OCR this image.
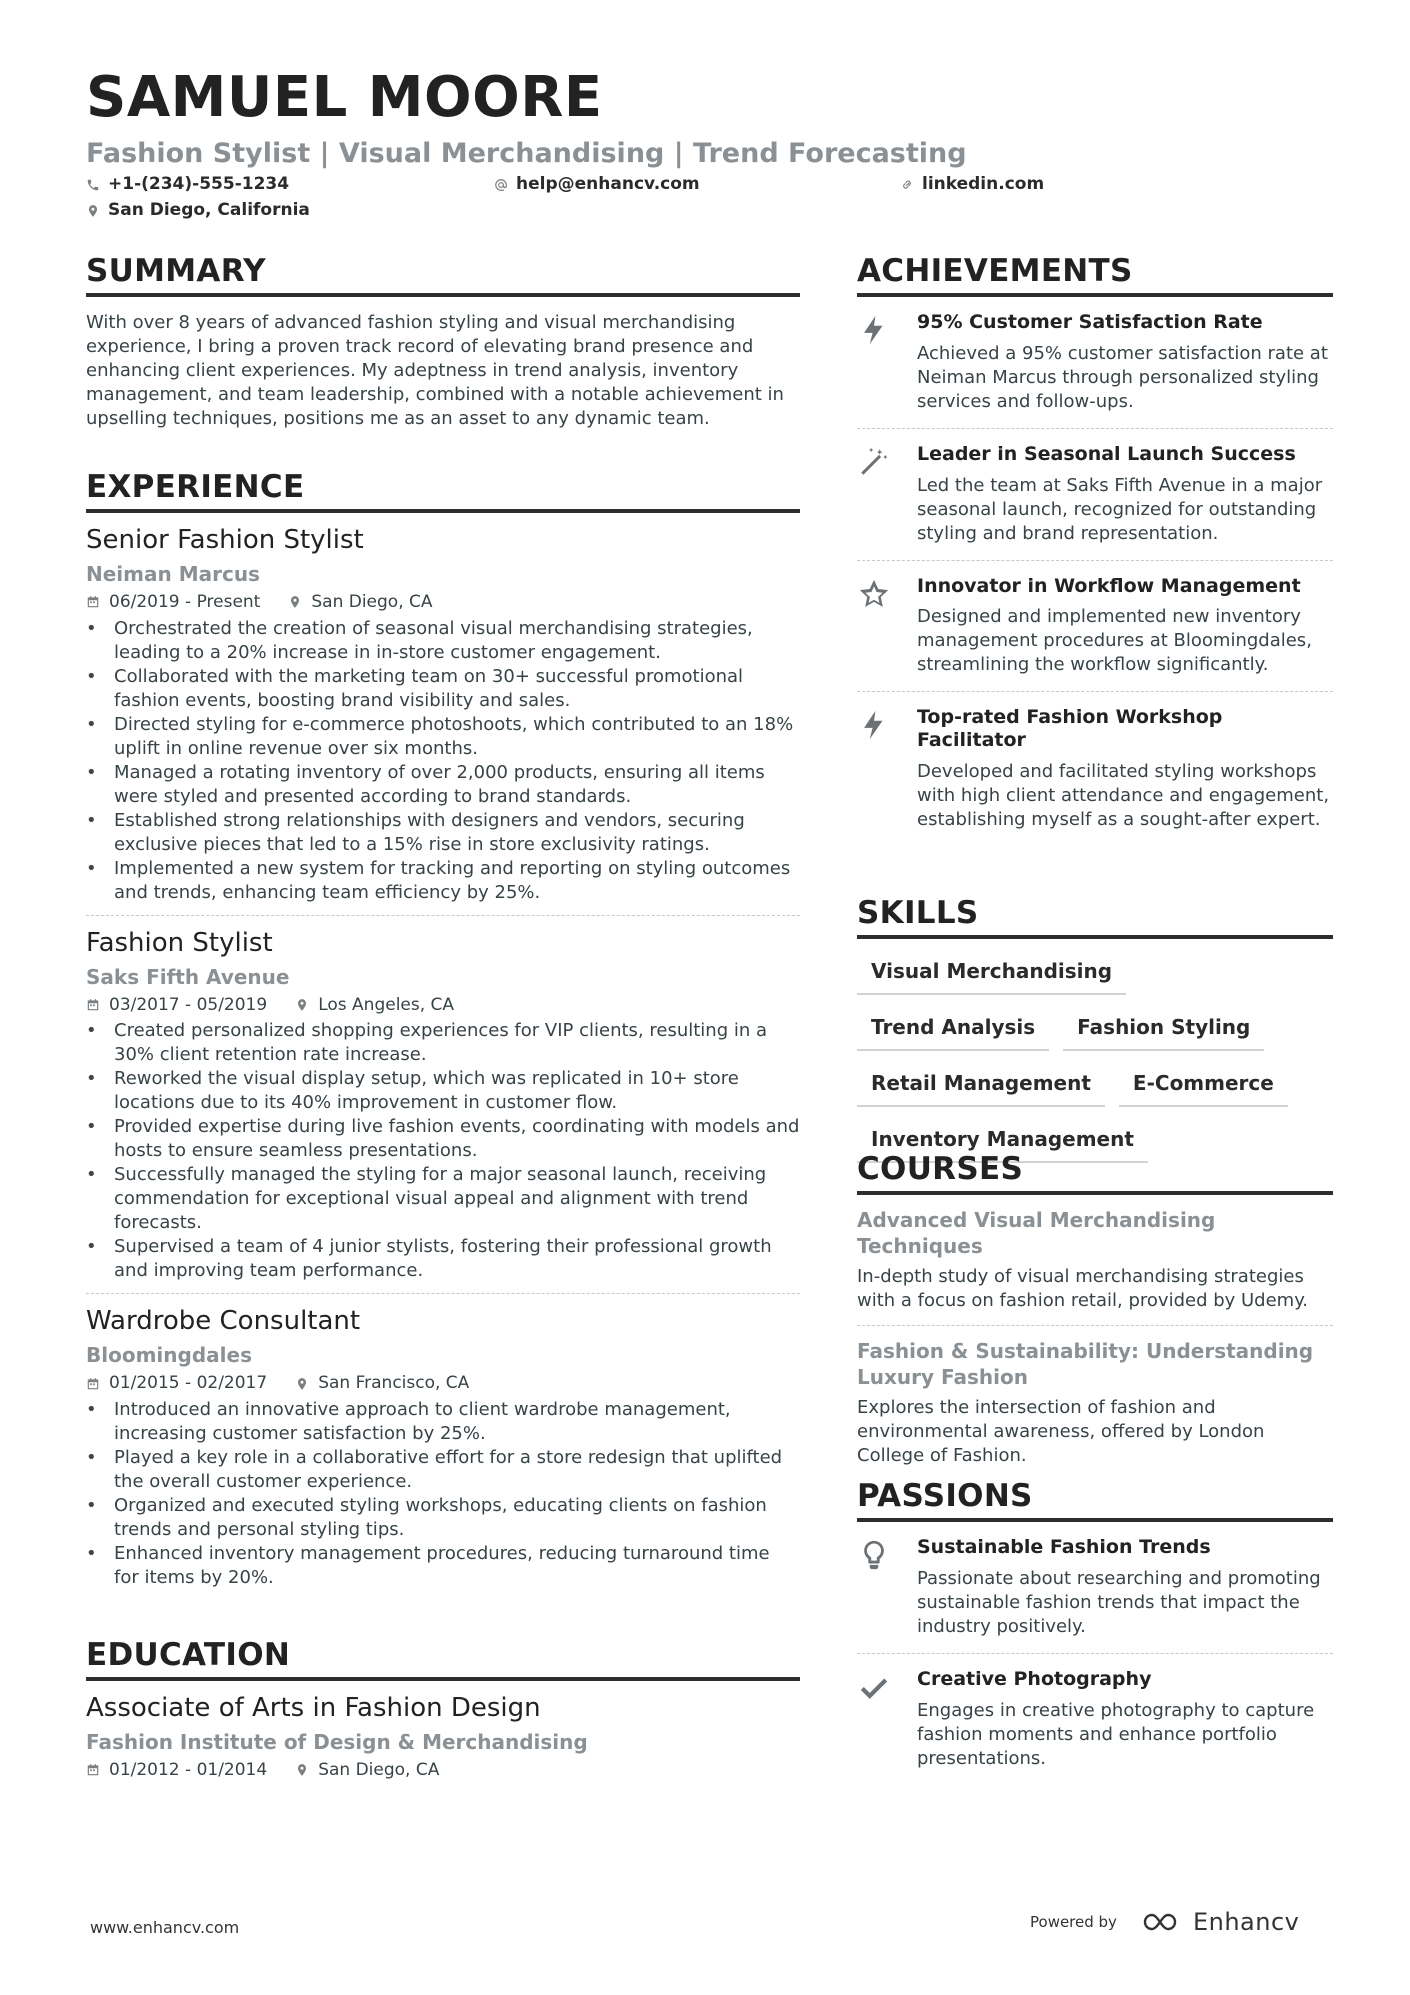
SAMUEL MOORE
Fashion Stylist | Visual Merchandising | Trend Forecasting
+1-(234)-555-1234	help@enhancv.com	linkedin.com
San Diego, California
SUMMARY
With over 8 years of advanced fashion styling and visual merchandising experience, I bring a proven track record of elevating brand presence and enhancing client experiences. My adeptness in trend analysis, inventory management, and team leadership, combined with a notable achievement in upselling techniques, positions me as an asset to any dynamic team.
EXPERIENCE
Senior Fashion Stylist
Neiman Marcus
06/2019 - Present	San Diego, CA
• Orchestrated the creation of seasonal visual merchandising strategies, leading to a 20% increase in in-store customer engagement.
• Collaborated with the marketing team on 30+ successful promotional fashion events, boosting brand visibility and sales.
• Directed styling for e-commerce photoshoots, which contributed to an 18% uplift in online revenue over six months.
• Managed a rotating inventory of over 2,000 products, ensuring all items were styled and presented according to brand standards.
• Established strong relationships with designers and vendors, securing exclusive pieces that led to a 15% rise in store exclusivity ratings.
• Implemented a new system for tracking and reporting on styling outcomes and trends, enhancing team efficiency by 25%.
Fashion Stylist
Saks Fifth Avenue
03/2017 - 05/2019	Los Angeles, CA
• Created personalized shopping experiences for VIP clients, resulting in a 30% client retention rate increase.
• Reworked the visual display setup, which was replicated in 10+ store locations due to its 40% improvement in customer flow.
• Provided expertise during live fashion events, coordinating with models and hosts to ensure seamless presentations.
• Successfully managed the styling for a major seasonal launch, receiving commendation for exceptional visual appeal and alignment with trend forecasts.
• Supervised a team of 4 junior stylists, fostering their professional growth and improving team performance.
Wardrobe Consultant
Bloomingdales
01/2015 - 02/2017	San Francisco, CA
• Introduced an innovative approach to client wardrobe management, increasing customer satisfaction by 25%.
• Played a key role in a collaborative effort for a store redesign that uplifted the overall customer experience.
• Organized and executed styling workshops, educating clients on fashion trends and personal styling tips.
• Enhanced inventory management procedures, reducing turnaround time for items by 20%.
EDUCATION
Associate of Arts in Fashion Design
Fashion Institute of Design & Merchandising
01/2012 - 01/2014	San Diego, CA
ACHIEVEMENTS
95% Customer Satisfaction Rate
Achieved a 95% customer satisfaction rate at Neiman Marcus through personalized styling services and follow-ups.
Leader in Seasonal Launch Success
Led the team at Saks Fifth Avenue in a major seasonal launch, recognized for outstanding styling and brand representation.
Innovator in Workflow Management
Designed and implemented new inventory management procedures at Bloomingdales, streamlining the workflow significantly.
Top-rated Fashion Workshop Facilitator
Developed and facilitated styling workshops with high client attendance and engagement, establishing myself as a sought-after expert.
SKILLS
Visual Merchandising
Trend Analysis	Fashion Styling
Retail Management	E-Commerce
Inventory Management
COURSES
Advanced Visual Merchandising Techniques
In-depth study of visual merchandising strategies with a focus on fashion retail, provided by Udemy.
Fashion & Sustainability: Understanding Luxury Fashion
Explores the intersection of fashion and environmental awareness, offered by London College of Fashion.
PASSIONS
Sustainable Fashion Trends
Passionate about researching and promoting sustainable fashion trends that impact the industry positively.
Creative Photography
Engages in creative photography to capture fashion moments and enhance portfolio presentations.
www.enhancv.com	Powered by	Enhancv
